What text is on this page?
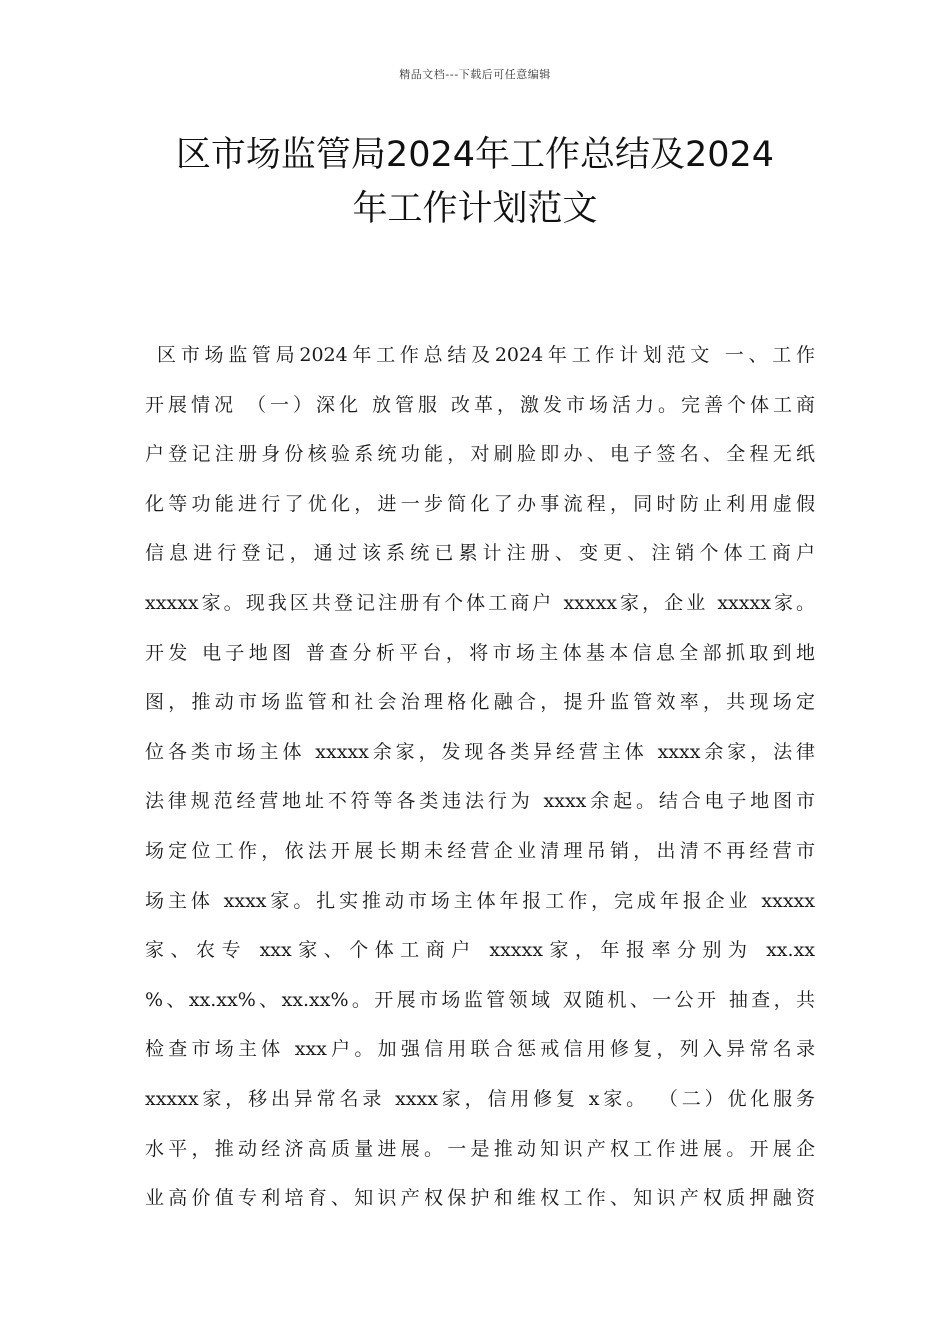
精品文档---下载后可任意编辑
区市场监管局2024年工作总结及2024
年工作计划范文
区市场监管局2024年工作总结及2024年工作计划范文 一、工作
开展情况 （一）深化 放管服 改革，激发市场活力。完善个体工商
户登记注册身份核验系统功能，对刷脸即办、电子签名、全程无纸
化等功能进行了优化，进一步简化了办事流程，同时防止利用虚假
信息进行登记，通过该系统已累计注册、变更、注销个体工商户
xxxxx家。现我区共登记注册有个体工商户 xxxxx家，企业 xxxxx家。
开发 电子地图 普查分析平台，将市场主体基本信息全部抓取到地
图，推动市场监管和社会治理格化融合，提升监管效率，共现场定
位各类市场主体 xxxxx余家，发现各类异经营主体 xxxx余家，法律
法律规范经营地址不符等各类违法行为 xxxx余起。结合电子地图市
场定位工作，依法开展长期未经营企业清理吊销，出清不再经营市
场主体 xxxx家。扎实推动市场主体年报工作，完成年报企业 xxxxx
家、农专 xxx家、个体工商户 xxxxx家，年报率分别为 xx.xx
%、xx.xx%、xx.xx%。开展市场监管领域 双随机、一公开 抽查，共
检查市场主体 xxx户。加强信用联合惩戒信用修复，列入异常名录
xxxxx家，移出异常名录 xxxx家，信用修复 x家。 （二）优化服务
水平，推动经济高质量进展。一是推动知识产权工作进展。开展企
业高价值专利培育、知识产权保护和维权工作、知识产权质押融资
